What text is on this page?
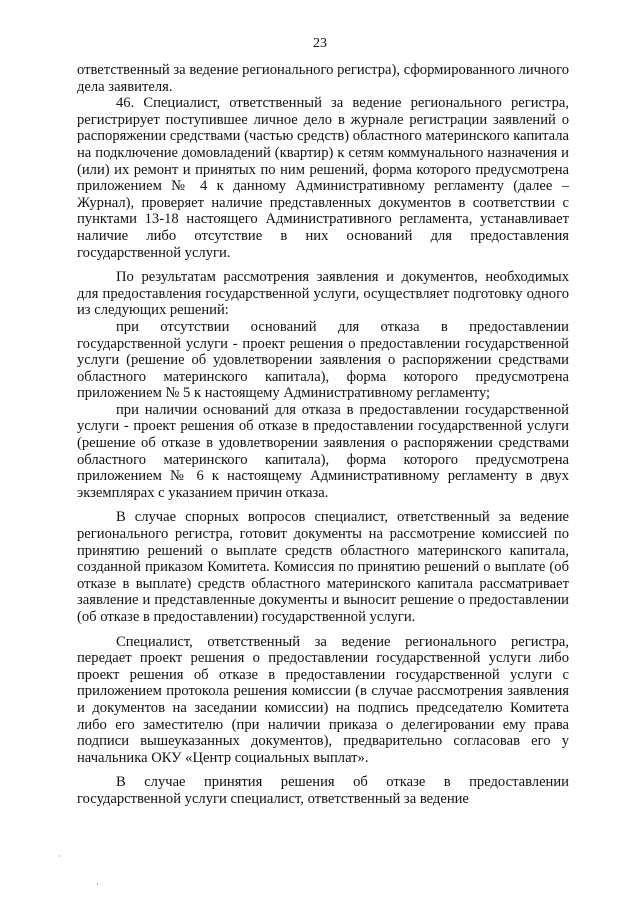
23

ответственный за ведение регионального регистра), сформированного личного дела заявителя.

46. Специалист, ответственный за ведение регионального регистра, регистрирует поступившее личное дело в журнале регистрации заявлений о распоряжении средствами (частью средств) областного материнского капитала на подключение домовладений (квартир) к сетям коммунального назначения и (или) их ремонт и принятых по ним решений, форма которого предусмотрена приложением № 4 к данному Административному регламенту (далее – Журнал), проверяет наличие представленных документов в соответствии с пунктами 13-18 настоящего Административного регламента, устанавливает наличие либо отсутствие в них оснований для предоставления государственной услуги.

По результатам рассмотрения заявления и документов, необходимых для предоставления государственной услуги, осуществляет подготовку одного из следующих решений:

при отсутствии оснований для отказа в предоставлении государственной услуги - проект решения о предоставлении государственной услуги (решение об удовлетворении заявления о распоряжении средствами областного материнского капитала), форма которого предусмотрена приложением № 5 к настоящему Административному регламенту;

при наличии оснований для отказа в предоставлении государственной услуги - проект решения об отказе в предоставлении государственной услуги (решение об отказе в удовлетворении заявления о распоряжении средствами областного материнского капитала), форма которого предусмотрена приложением № 6 к настоящему Административному регламенту в двух экземплярах с указанием причин отказа.

В случае спорных вопросов специалист, ответственный за ведение регионального регистра, готовит документы на рассмотрение комиссией по принятию решений о выплате средств областного материнского капитала, созданной приказом Комитета. Комиссия по принятию решений о выплате (об отказе в выплате) средств областного материнского капитала рассматривает заявление и представленные документы и выносит решение о предоставлении (об отказе в предоставлении) государственной услуги.

Специалист, ответственный за ведение регионального регистра, передает проект решения о предоставлении государственной услуги либо проект решения об отказе в предоставлении государственной услуги с приложением протокола решения комиссии (в случае рассмотрения заявления и документов на заседании комиссии) на подпись председателю Комитета либо его заместителю (при наличии приказа о делегировании ему права подписи вышеуказанных документов), предварительно согласовав его у начальника ОКУ «Центр социальных выплат».

В случае принятия решения об отказе в предоставлении государственной услуги специалист, ответственный за ведение

˙
·
